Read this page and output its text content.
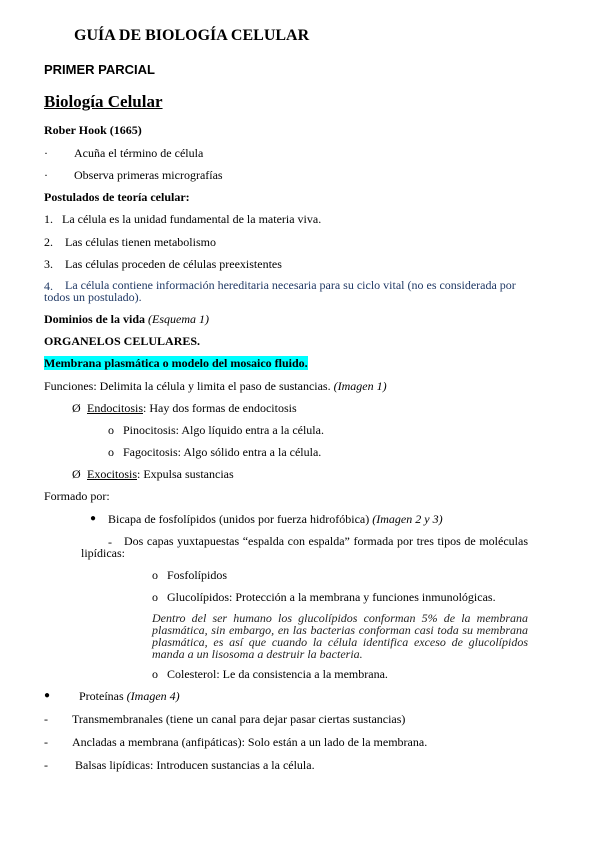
GUÍA DE BIOLOGÍA CELULAR
PRIMER PARCIAL
Biología Celular
Rober Hook (1665)
· Acuña el término de célula
· Observa primeras micrografías
Postulados de teoría celular:
1. La célula es la unidad fundamental de la materia viva.
2. Las células tienen metabolismo
3. Las células proceden de células preexistentes
4.	La célula contiene información hereditaria necesaria para su ciclo vital (no es considerada por todos un postulado).
Dominios de la vida (Esquema 1)
ORGANELOS CELULARES.
Membrana plasmática o modelo del mosaico fluido.
Funciones: Delimita la célula y limita el paso de sustancias. (Imagen 1)
Ø Endocitosis: Hay dos formas de endocitosis
o Pinocitosis: Algo líquido entra a la célula.
o Fagocitosis: Algo sólido entra a la célula.
Ø Exocitosis: Expulsa sustancias
Formado por:
● Bicapa de fosfolípidos (unidos por fuerza hidrofóbica) (Imagen 2 y 3)
-	Dos capas yuxtapuestas “espalda con espalda” formada por tres tipos de moléculas lipídicas:
o Fosfolípidos
o Glucolípidos: Protección a la membrana y funciones inmunológicas.
Dentro del ser humano los glucolípidos conforman 5% de la membrana plasmática, sin embargo, en las bacterias conforman casi toda su membrana plasmática, es así que cuando la célula identifica exceso de glucolípidos manda a un lisosoma a destruir la bacteria.
o Colesterol: Le da consistencia a la membrana.
● Proteínas (Imagen 4)
- Transmembranales (tiene un canal para dejar pasar ciertas sustancias)
- Ancladas a membrana (anfipáticas): Solo están a un lado de la membrana.
- Balsas lipídicas: Introducen sustancias a la célula.
